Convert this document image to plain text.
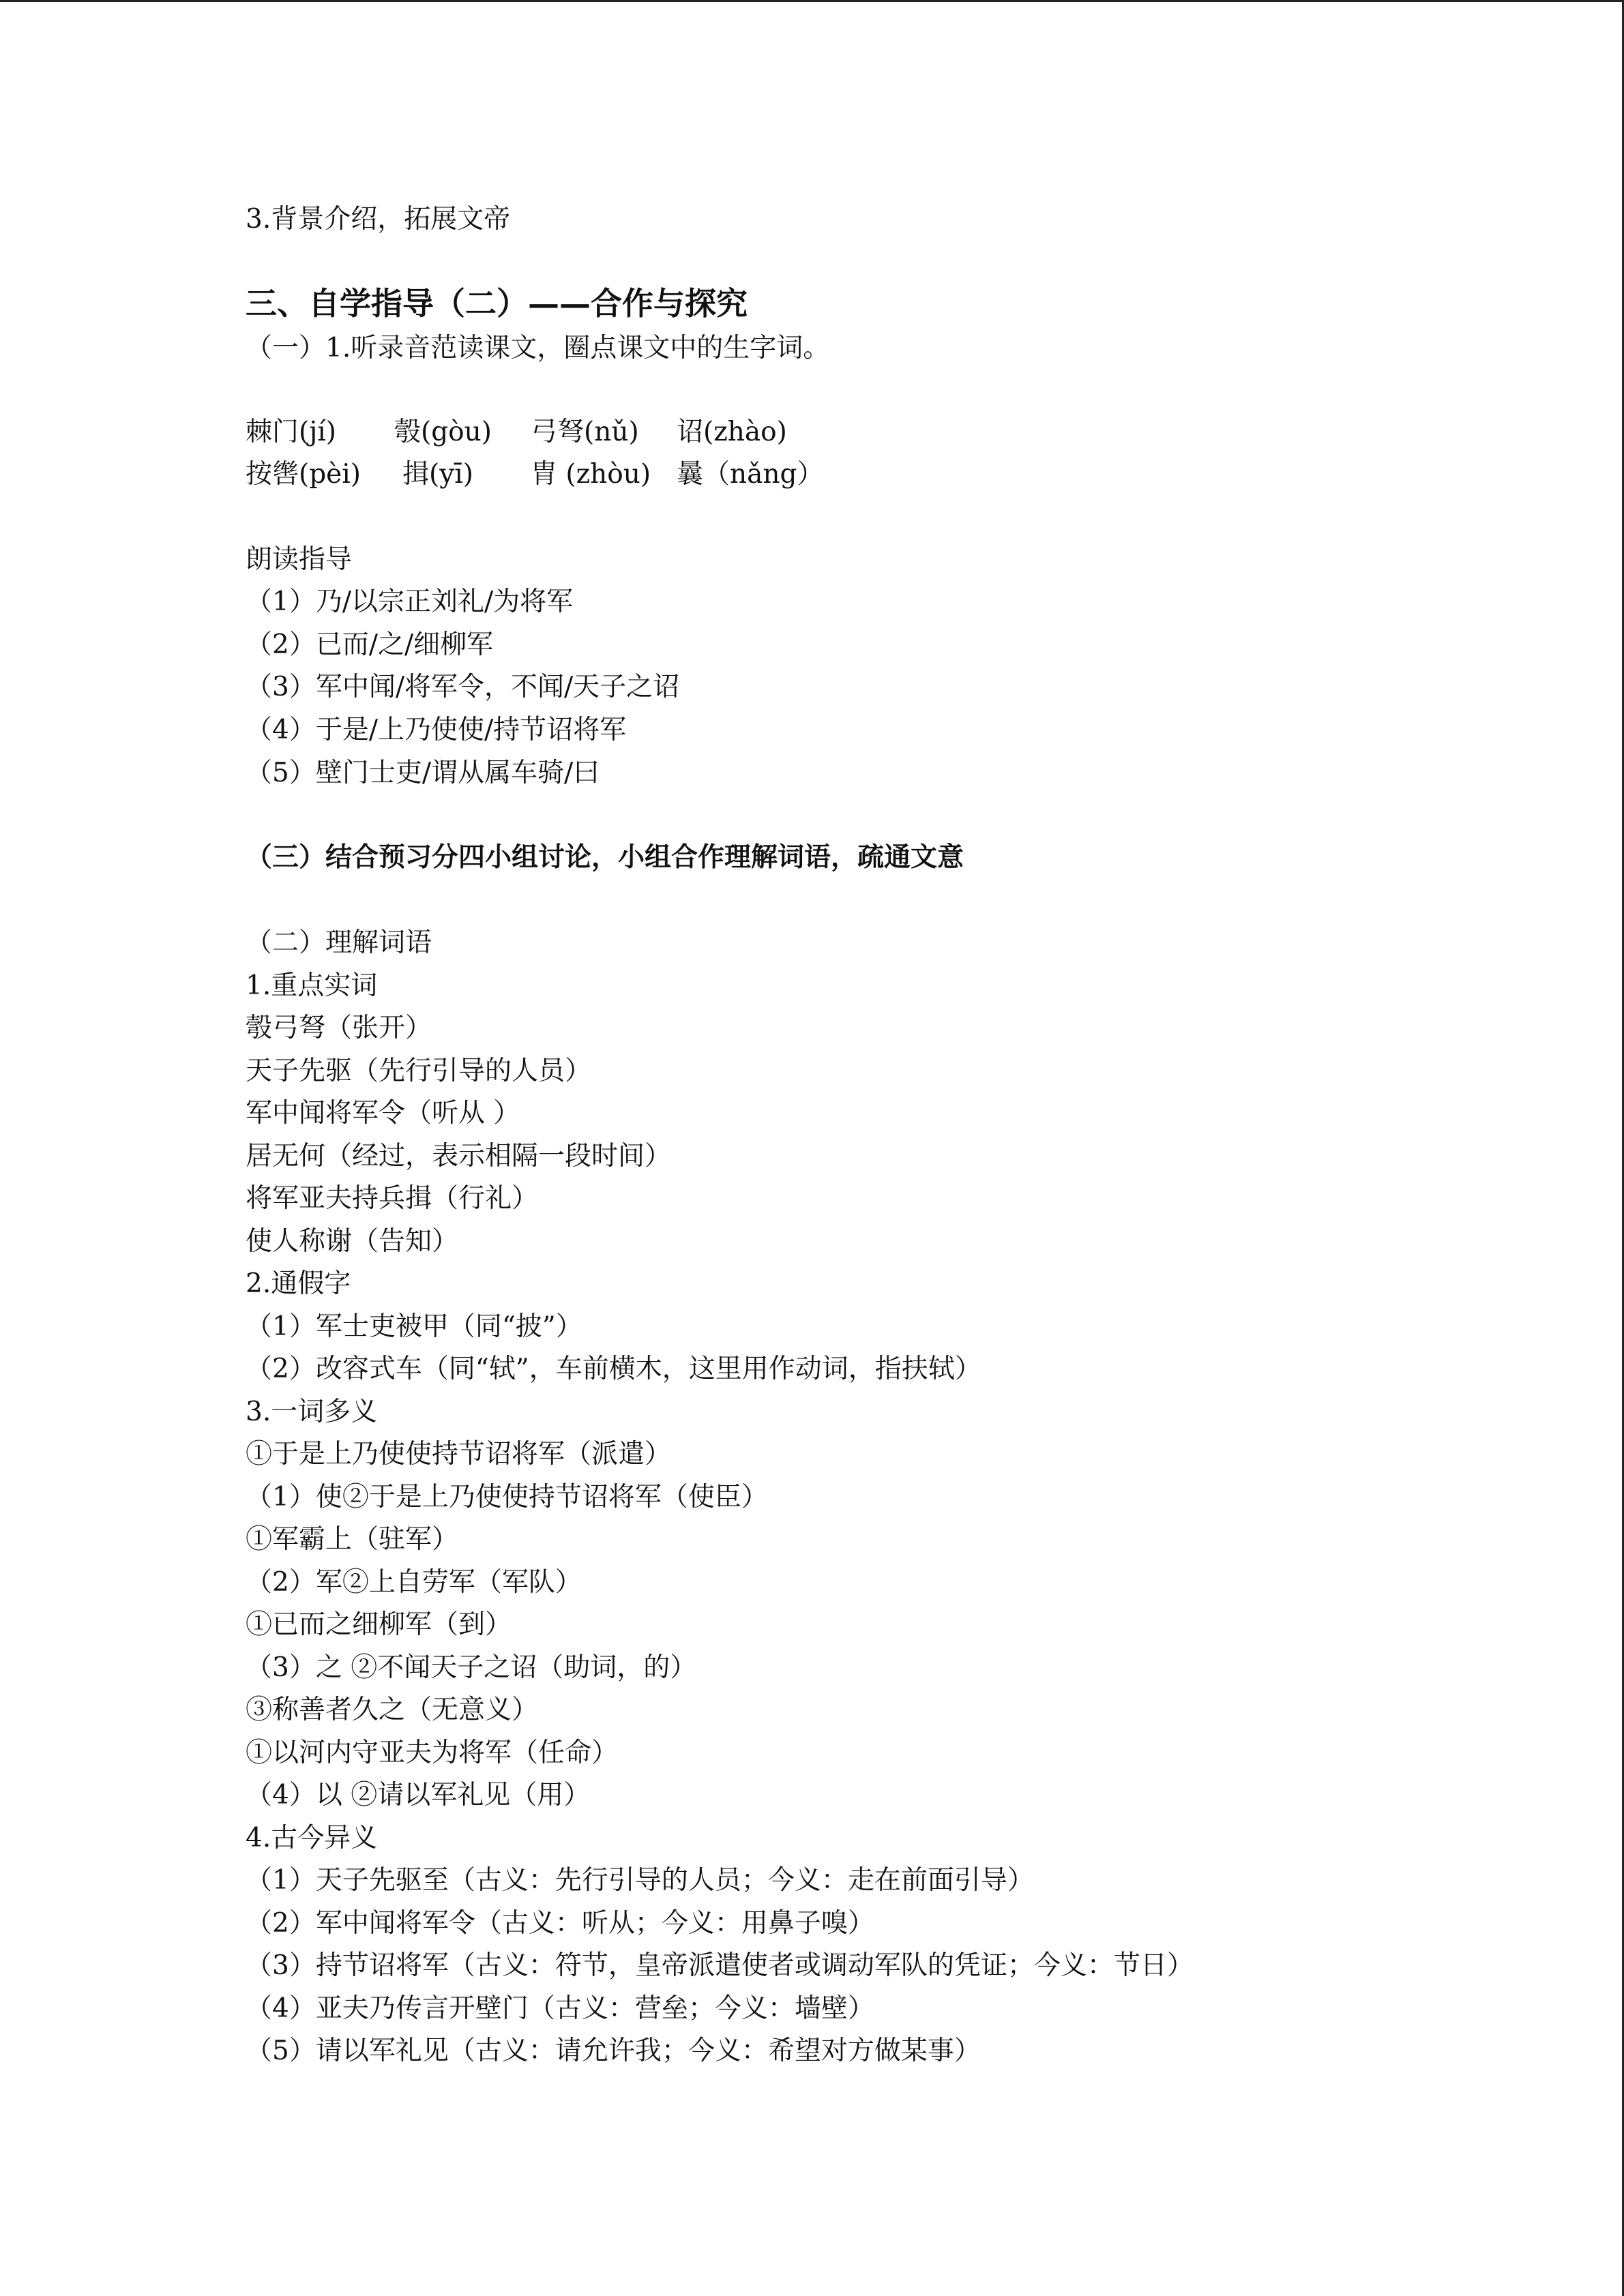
3.背景介绍，拓展文帝
三、自学指导（二）——合作与探究
（一）1.听录音范读课文，圈点课文中的生字词。
棘门(jí) 彀(gòu) 弓弩(nǔ) 诏(zhào)
按辔(pèi) 揖(yī) 胄 (zhòu) 曩（nǎng）
朗读指导
（1）乃/以宗正刘礼/为将军
（2）已而/之/细柳军
（3）军中闻/将军令，不闻/天子之诏
（4）于是/上乃使使/持节诏将军
（5）壁门士吏/谓从属车骑/曰
（三）结合预习分四小组讨论，小组合作理解词语，疏通文意
（二）理解词语
1.重点实词
彀弓弩（张开）
天子先驱（先行引导的人员）
军中闻将军令（听从 ）
居无何（经过，表示相隔一段时间）
将军亚夫持兵揖（行礼）
使人称谢（告知）
2.通假字
（1）军士吏被甲（同“披”）
（2）改容式车（同“轼”，车前横木，这里用作动词，指扶轼）
3.一词多义
①于是上乃使使持节诏将军（派遣）
（1）使②于是上乃使使持节诏将军（使臣）
①军霸上（驻军）
（2）军②上自劳军（军队）
①已而之细柳军（到）
（3）之 ②不闻天子之诏（助词，的）
③称善者久之（无意义）
①以河内守亚夫为将军（任命）
（4）以 ②请以军礼见（用）
4.古今异义
（1）天子先驱至（古义：先行引导的人员；今义：走在前面引导）
（2）军中闻将军令（古义：听从；今义：用鼻子嗅）
（3）持节诏将军（古义：符节，皇帝派遣使者或调动军队的凭证；今义：节日）
（4）亚夫乃传言开壁门（古义：营垒；今义：墙壁）
（5）请以军礼见（古义：请允许我；今义：希望对方做某事）
